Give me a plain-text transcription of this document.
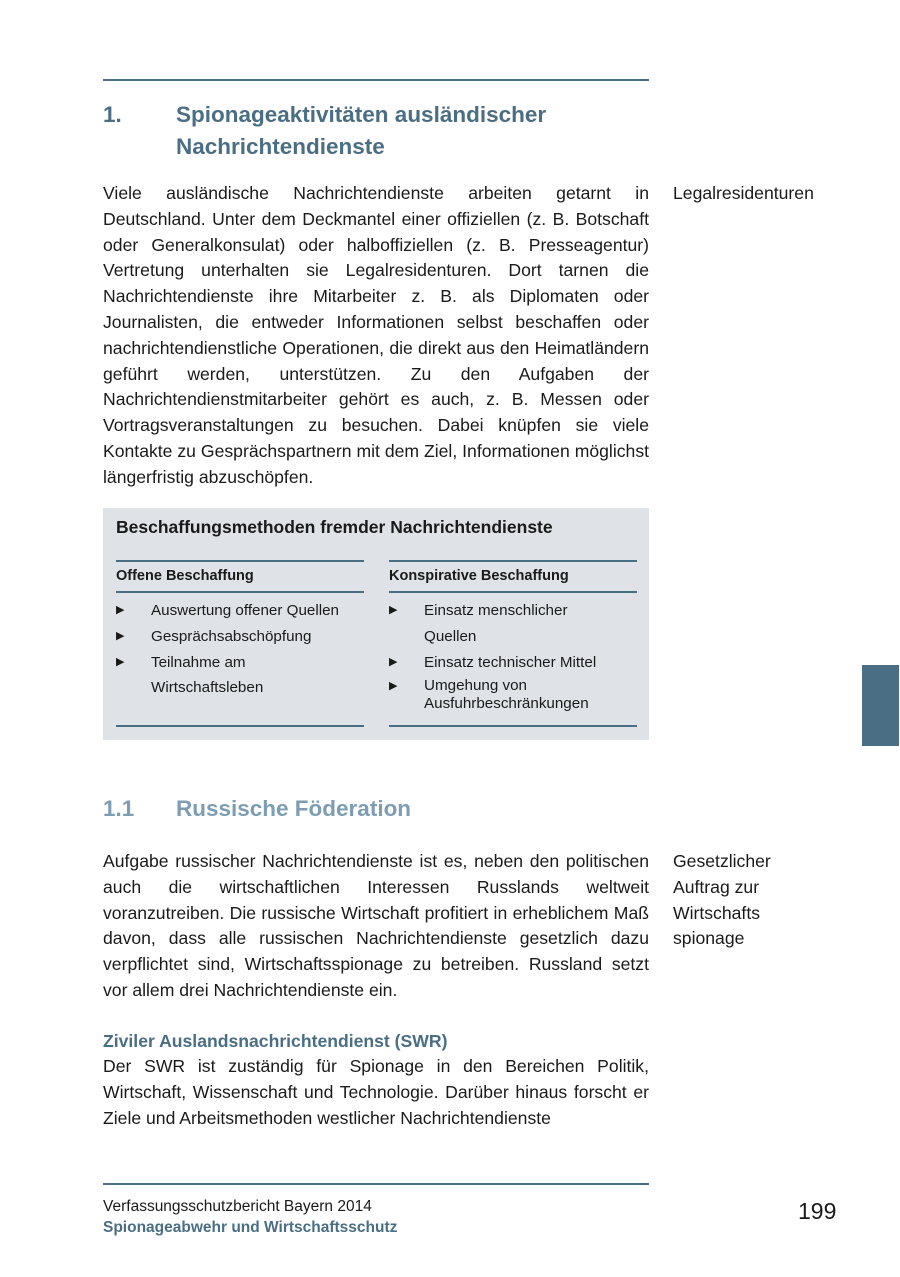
1. Spionageaktivitäten ausländischer Nachrichtendienste

Viele ausländische Nachrichtendienste arbeiten getarnt in Deutschland. Unter dem Deckmantel einer offiziellen (z. B. Botschaft oder Generalkonsulat) oder halboffiziellen (z. B. Presseagentur) Vertretung unterhalten sie Legalresidenturen. Dort tarnen die Nachrichtendienste ihre Mitarbeiter z. B. als Diplomaten oder Journalisten, die entweder Informationen selbst beschaffen oder nachrichtendienstliche Operationen, die direkt aus den Heimatländern geführt werden, unterstützen. Zu den Aufgaben der Nachrichtendienstmitarbeiter gehört es auch, z. B. Messen oder Vortragsveranstaltungen zu besuchen. Dabei knüpfen sie viele Kontakte zu Gesprächspartnern mit dem Ziel, Informationen möglichst längerfristig abzuschöpfen.

Legalresidenturen
Beschaffungsmethoden fremder Nachrichtendienste
Offene Beschaffung
▶ Auswertung offener Quellen
▶ Gesprächsabschöpfung
▶ Teilnahme am Wirtschaftsleben
Konspirative Beschaffung
▶ Einsatz menschlicher Quellen
▶ Einsatz technischer Mittel
▶ Umgehung von Ausfuhrbeschränkungen
1.1 Russische Föderation

Aufgabe russischer Nachrichtendienste ist es, neben den politischen auch die wirtschaftlichen Interessen Russlands weltweit voranzutreiben. Die russische Wirtschaft profitiert in erheblichem Maß davon, dass alle russischen Nachrichtendienste gesetzlich dazu verpflichtet sind, Wirtschaftsspionage zu betreiben. Russland setzt vor allem drei Nachrichtendienste ein.

Gesetzlicher
Auftrag zur
Wirtschafts
spionage
Ziviler Auslandsnachrichtendienst (SWR)

Der SWR ist zuständig für Spionage in den Bereichen Politik, Wirtschaft, Wissenschaft und Technologie. Darüber hinaus forscht er Ziele und Arbeitsmethoden westlicher Nachrichtendienste

Verfassungsschutzbericht Bayern 2014
Spionageabwehr und Wirtschaftsschutz
199
